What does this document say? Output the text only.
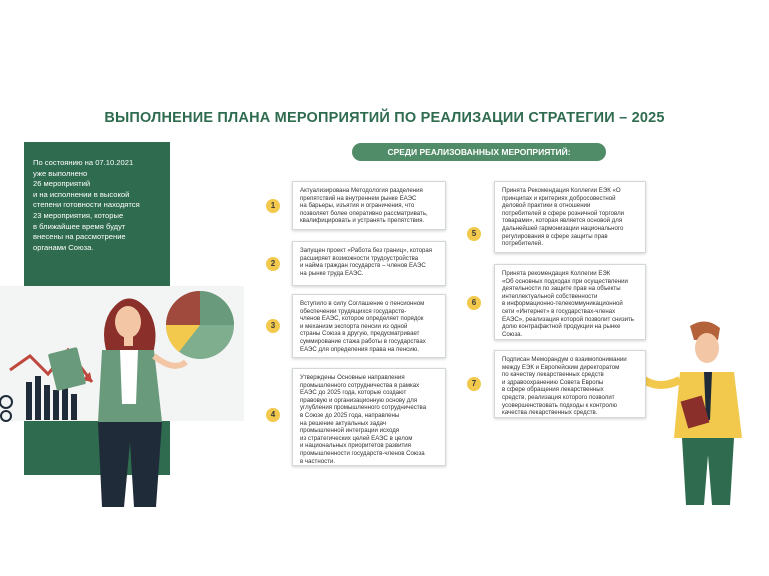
ВЫПОЛНЕНИЕ ПЛАНА МЕРОПРИЯТИЙ ПО РЕАЛИЗАЦИИ СТРАТЕГИИ – 2025
По состоянию на 07.10.2021
уже выполнено
26 мероприятий
и на исполнении в высокой
степени готовности находятся
23 мероприятия, которые
в ближайшее время будут
внесены на рассмотрение
органами Союза.
СРЕДИ РЕАЛИЗОВАННЫХ МЕРОПРИЯТИЙ:
1
2
3
4
5
6
7
Актуализирована Методология разделения
препятствий на внутреннем рынке ЕАЭС
на барьеры, изъятия и ограничения, что
позволяет более оперативно рассматривать,
квалифицировать и устранять препятствия.
Запущен проект «Работа без границ», которая
расширяет возможности трудоустройства
и найма граждан государств – членов ЕАЭС
на рынке труда ЕАЭС.
Вступило в силу Соглашение о пенсионном
обеспечении трудящихся государств-
членов ЕАЭС, которое определяет порядок
и механизм экспорта пенсии из одной
страны Союза в другую, предусматривает
суммирование стажа работы в государствах
ЕАЭС для определения права на пенсию.
Утверждены Основные направления
промышленного сотрудничества в рамках
ЕАЭС до 2025 года, которые создают
правовую и организационную основу для
углубления промышленного сотрудничества
в Союзе до 2025 года, направлены
на решение актуальных задач
промышленной интеграции исходя
из стратегических целей ЕАЭС в целом
и национальных приоритетов развития
промышленности государств-членов Союза
в частности.
Принята Рекомендация Коллегии ЕЭК «О
принципах и критериях добросовестной
деловой практики в отношении
потребителей в сфере розничной торговли
товарами», которая является основой для
дальнейшей гармонизации национального
регулирования в сфере защиты прав
потребителей.
Принята рекомендация Коллегии ЕЭК
«Об основных подходах при осуществлении
деятельности по защите прав на объекты
интеллектуальной собственности
в информационно-телекоммуникационной
сети «Интернет» в государствах-членах
ЕАЭС», реализация которой позволит снизить
долю контрафактной продукции на рынке
Союза.
Подписан Меморандум о взаимопонимании
между ЕЭК и Европейским директоратом
по качеству лекарственных средств
и здравоохранению Совета Европы
в сфере обращения лекарственных
средств, реализация которого позволит
усовершенствовать подходы к контролю
качества лекарственных средств.
